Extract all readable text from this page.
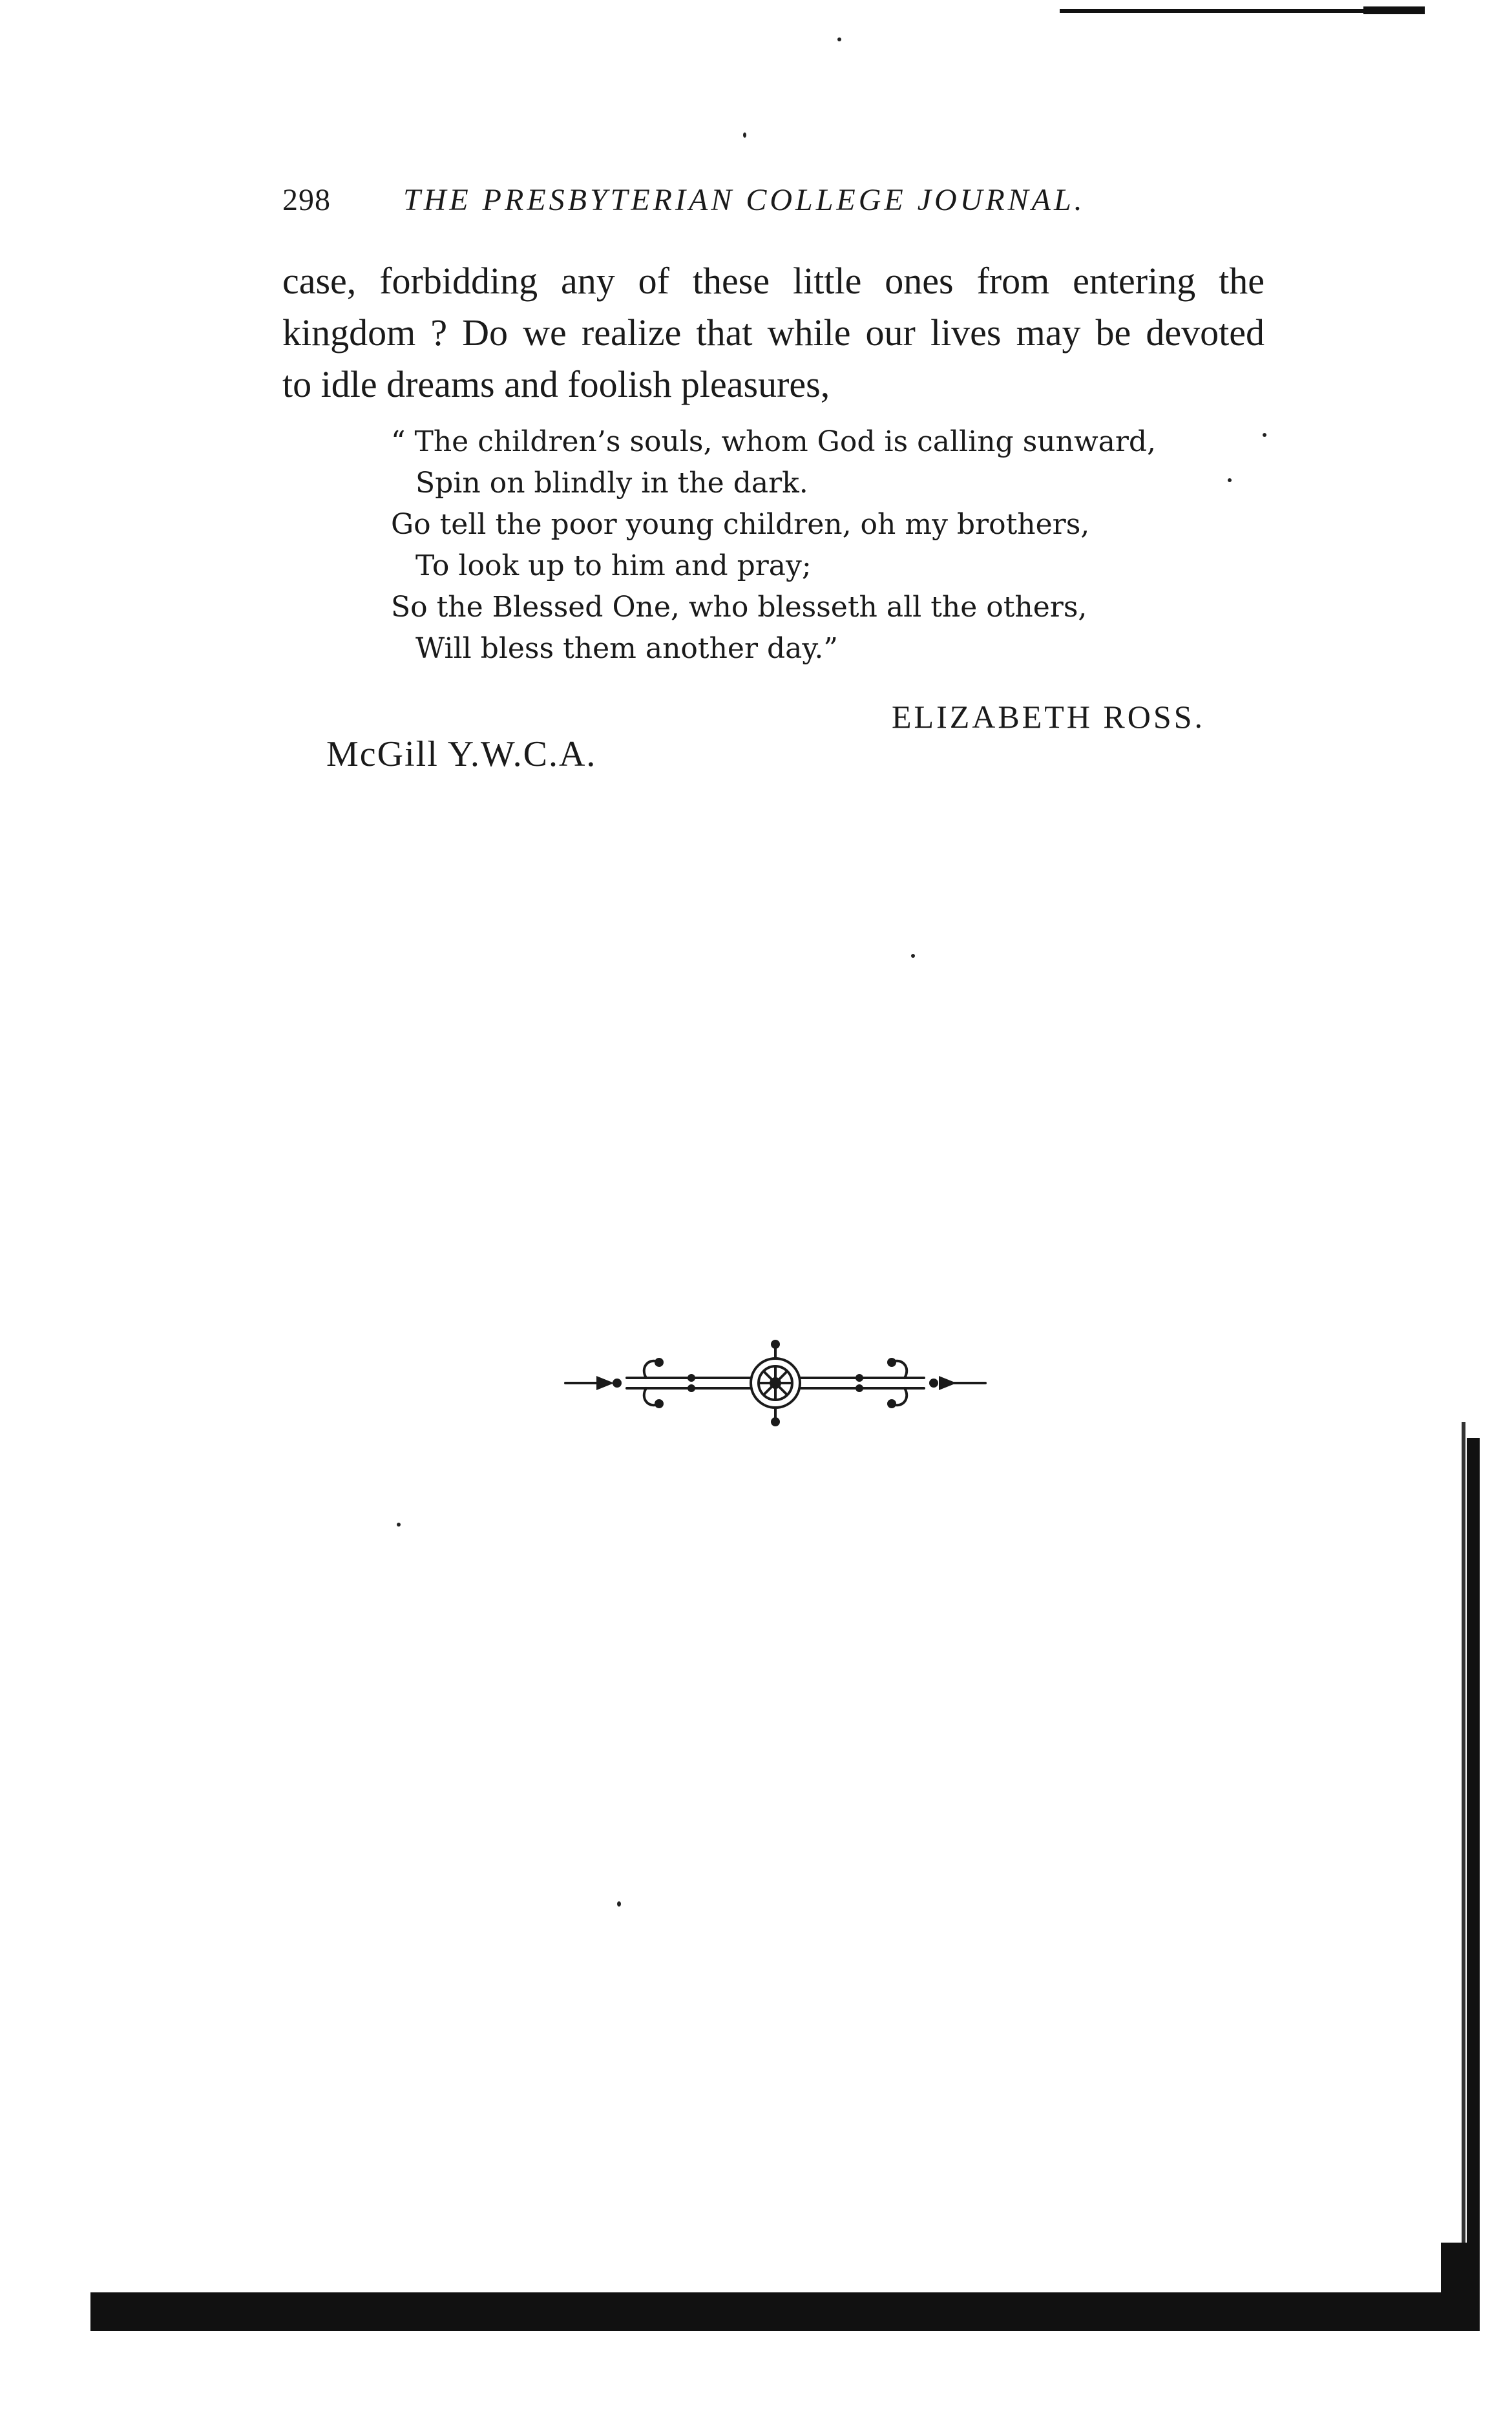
298 THE PRESBYTERIAN COLLEGE JOURNAL.
case, forbidding any of these little ones from entering the
kingdom ? Do we realize that while our lives may be devoted
to idle dreams and foolish pleasures,
“ The children’s souls, whom God is calling sunward,
Spin on blindly in the dark.
Go tell the poor young children, oh my brothers,
To look up to him and pray;
So the Blessed One, who blesseth all the others,
Will bless them another day.”
ELIZABETH ROSS.
McGill Y.W.C.A.
